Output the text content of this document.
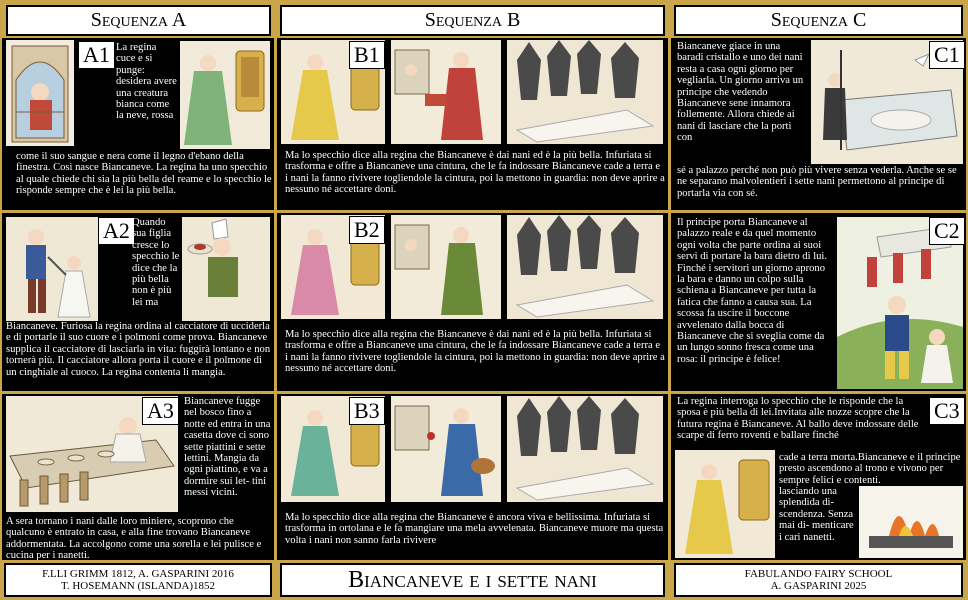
Sequenza A	Sequenza B	Sequenza C
A1 La regina cuce e si punge: desidera avere una creatura bianca come la neve, rossa
come il suo sangue e nera come il legno d'ebano della finestra. Così nasce Biancaneve. La regina ha uno specchio al quale chiede chi sia la più bella del reame e lo specchio le risponde sempre che è lei la più bella.
A2 Quando sua figlia cresce lo specchio le dice che la più bella non è più lei ma
Biancaneve. Furiosa la regina ordina al cacciatore di ucciderla e di portarle il suo cuore e i polmoni come prova. Biancaneve supplica il cacciatore di lasciarla in vita: fuggirà lontano e non tornerà più. Il cacciatore allora porta il cuore e il polmone di un cinghiale al cuoco. La regina contenta li mangia.
A3 Biancaneve fugge nel bosco fino a notte ed entra in una casetta dove ci sono sette piattini e sette lettini. Mangia da ogni piattino, e va a dormire sui let- tini messi vicini.
A sera tornano i nani dalle loro miniere, scoprono che qualcuno è entrato in casa, e alla fine trovano Biancaneve addormentata. La accolgono come una sorella e lei pulisce e cucina per i nanetti.
B1
Ma lo specchio dice alla regina che Biancaneve è dai nani ed è la più bella. Infuriata si trasforma e offre a Biancaneve una cintura, che le fa indossare Biancaneve cade a terra e i nani la fanno rivivere togliendole la cintura, poi la mettono in guardia: non deve aprire a nessuno né accettare doni.
B2
Ma lo specchio dice alla regina che Biancaneve è dai nani ed è la più bella. Infuriata si trasforma e offre a Biancaneve una cintura, che le fa indossare Biancaneve cade a terra e i nani la fanno rivivere togliendole la cintura, poi la mettono in guardia: non deve aprire a nessuno né accettare doni.
B3
Ma lo specchio dice alla regina che Biancaneve è ancora viva e bellissima. Infuriata si trasforma in ortolana e le fa mangiare una mela avvelenata. Biancaneve muore ma questa volta i nani non sanno farla rivivere
Biancaneve giace in una baradi cristallo e uno dei nani resta a casa ogni giorno per vegliarla. Un giorno arriva un principe che vedendo Biancaneve sene innamora follemente. Allora chiede ai nani di lasciare che la porti con
C1
sé a palazzo perché non può più vivere senza vederla. Anche se se ne separano malvolentieri i sette nani permettono al principe di portarla via con sé.
Il principe porta Biancaneve al palazzo reale e da quel momento ogni volta che parte ordina ai suoi servi di portare la bara dietro di lui. Finché i servitori un giorno aprono la bara e danno un colpo sulla schiena a Biancaneve per tutta la fatica che fanno a causa sua. La scossa fa uscire il boccone avvelenato dalla bocca di Biancaneve che si sveglia come da un lungo sonno fresca come una rosa: il principe è felice!
C2
La regina interroga lo specchio che le risponde che la sposa è più bella di lei.Invitata alle nozze scopre che la futura regina è Biancaneve. Al ballo deve indossare delle scarpe di ferro roventi e ballare finché
C3
cade a terra morta.Biancaneve e il principe presto ascendono al trono e vivono per sempre felici e contenti.
lasciando una splendida di- scendenza. Senza mai di- menticare i cari nanetti.
F.LLI GRIMM 1812, A. GASPARINI 2016
T. HOSEMANN (ISLANDA)1852	Biancaneve e i sette nani	FABULANDO FAIRY SCHOOL
A. GASPARINI 2025
